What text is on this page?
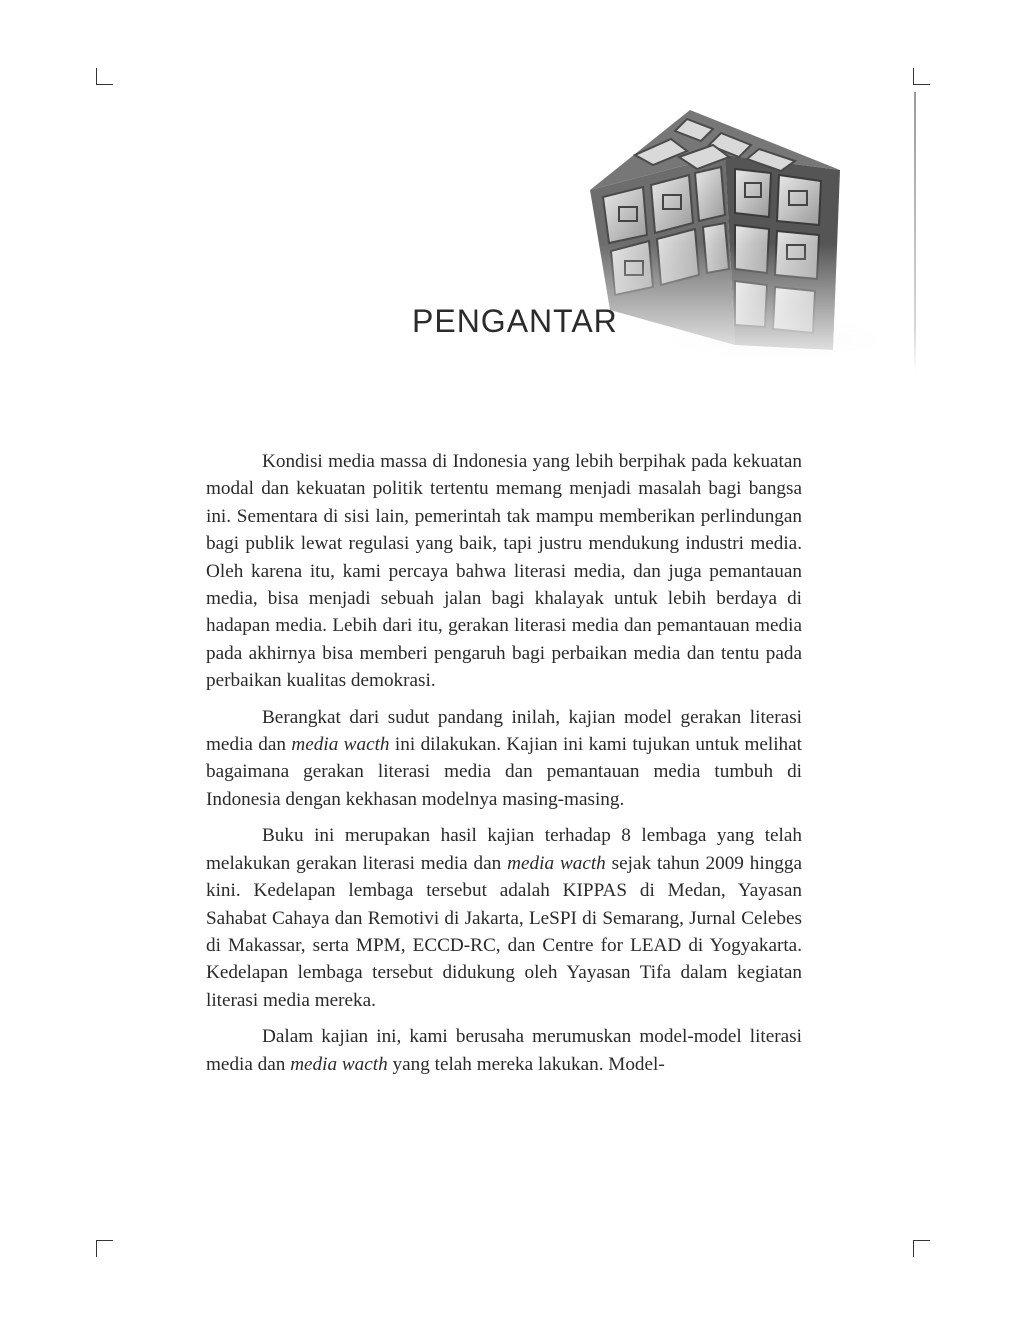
PENGANTAR

Kondisi media massa di Indonesia yang lebih berpihak pada kekuatan modal dan kekuatan politik tertentu memang menjadi masalah bagi bangsa ini. Sementara di sisi lain, pemerintah tak mampu memberikan perlindungan bagi publik lewat regulasi yang baik, tapi justru mendukung industri media. Oleh karena itu, kami percaya bahwa literasi media, dan juga pemantauan media, bisa menjadi sebuah jalan bagi khalayak untuk lebih berdaya di hadapan media. Lebih dari itu, gerakan literasi media dan pemantauan media pada akhirnya bisa memberi pengaruh bagi perbaikan media dan tentu pada perbaikan kualitas demokrasi.

Berangkat dari sudut pandang inilah, kajian model gerakan literasi media dan media wacth ini dilakukan. Kajian ini kami tujukan untuk melihat bagaimana gerakan literasi media dan pemantauan media tumbuh di Indonesia dengan kekhasan modelnya masing-masing.

Buku ini merupakan hasil kajian terhadap 8 lembaga yang telah melakukan gerakan literasi media dan media wacth sejak tahun 2009 hingga kini. Kedelapan lembaga tersebut adalah KIPPAS di Medan, Yayasan Sahabat Cahaya dan Remotivi di Jakarta, LeSPI di Semarang, Jurnal Celebes di Makassar, serta MPM, ECCD-RC, dan Centre for LEAD di Yogyakarta. Kedelapan lembaga tersebut didukung oleh Yayasan Tifa dalam kegiatan literasi media mereka.

Dalam kajian ini, kami berusaha merumuskan model-model literasi media dan media wacth yang telah mereka lakukan. Model-
